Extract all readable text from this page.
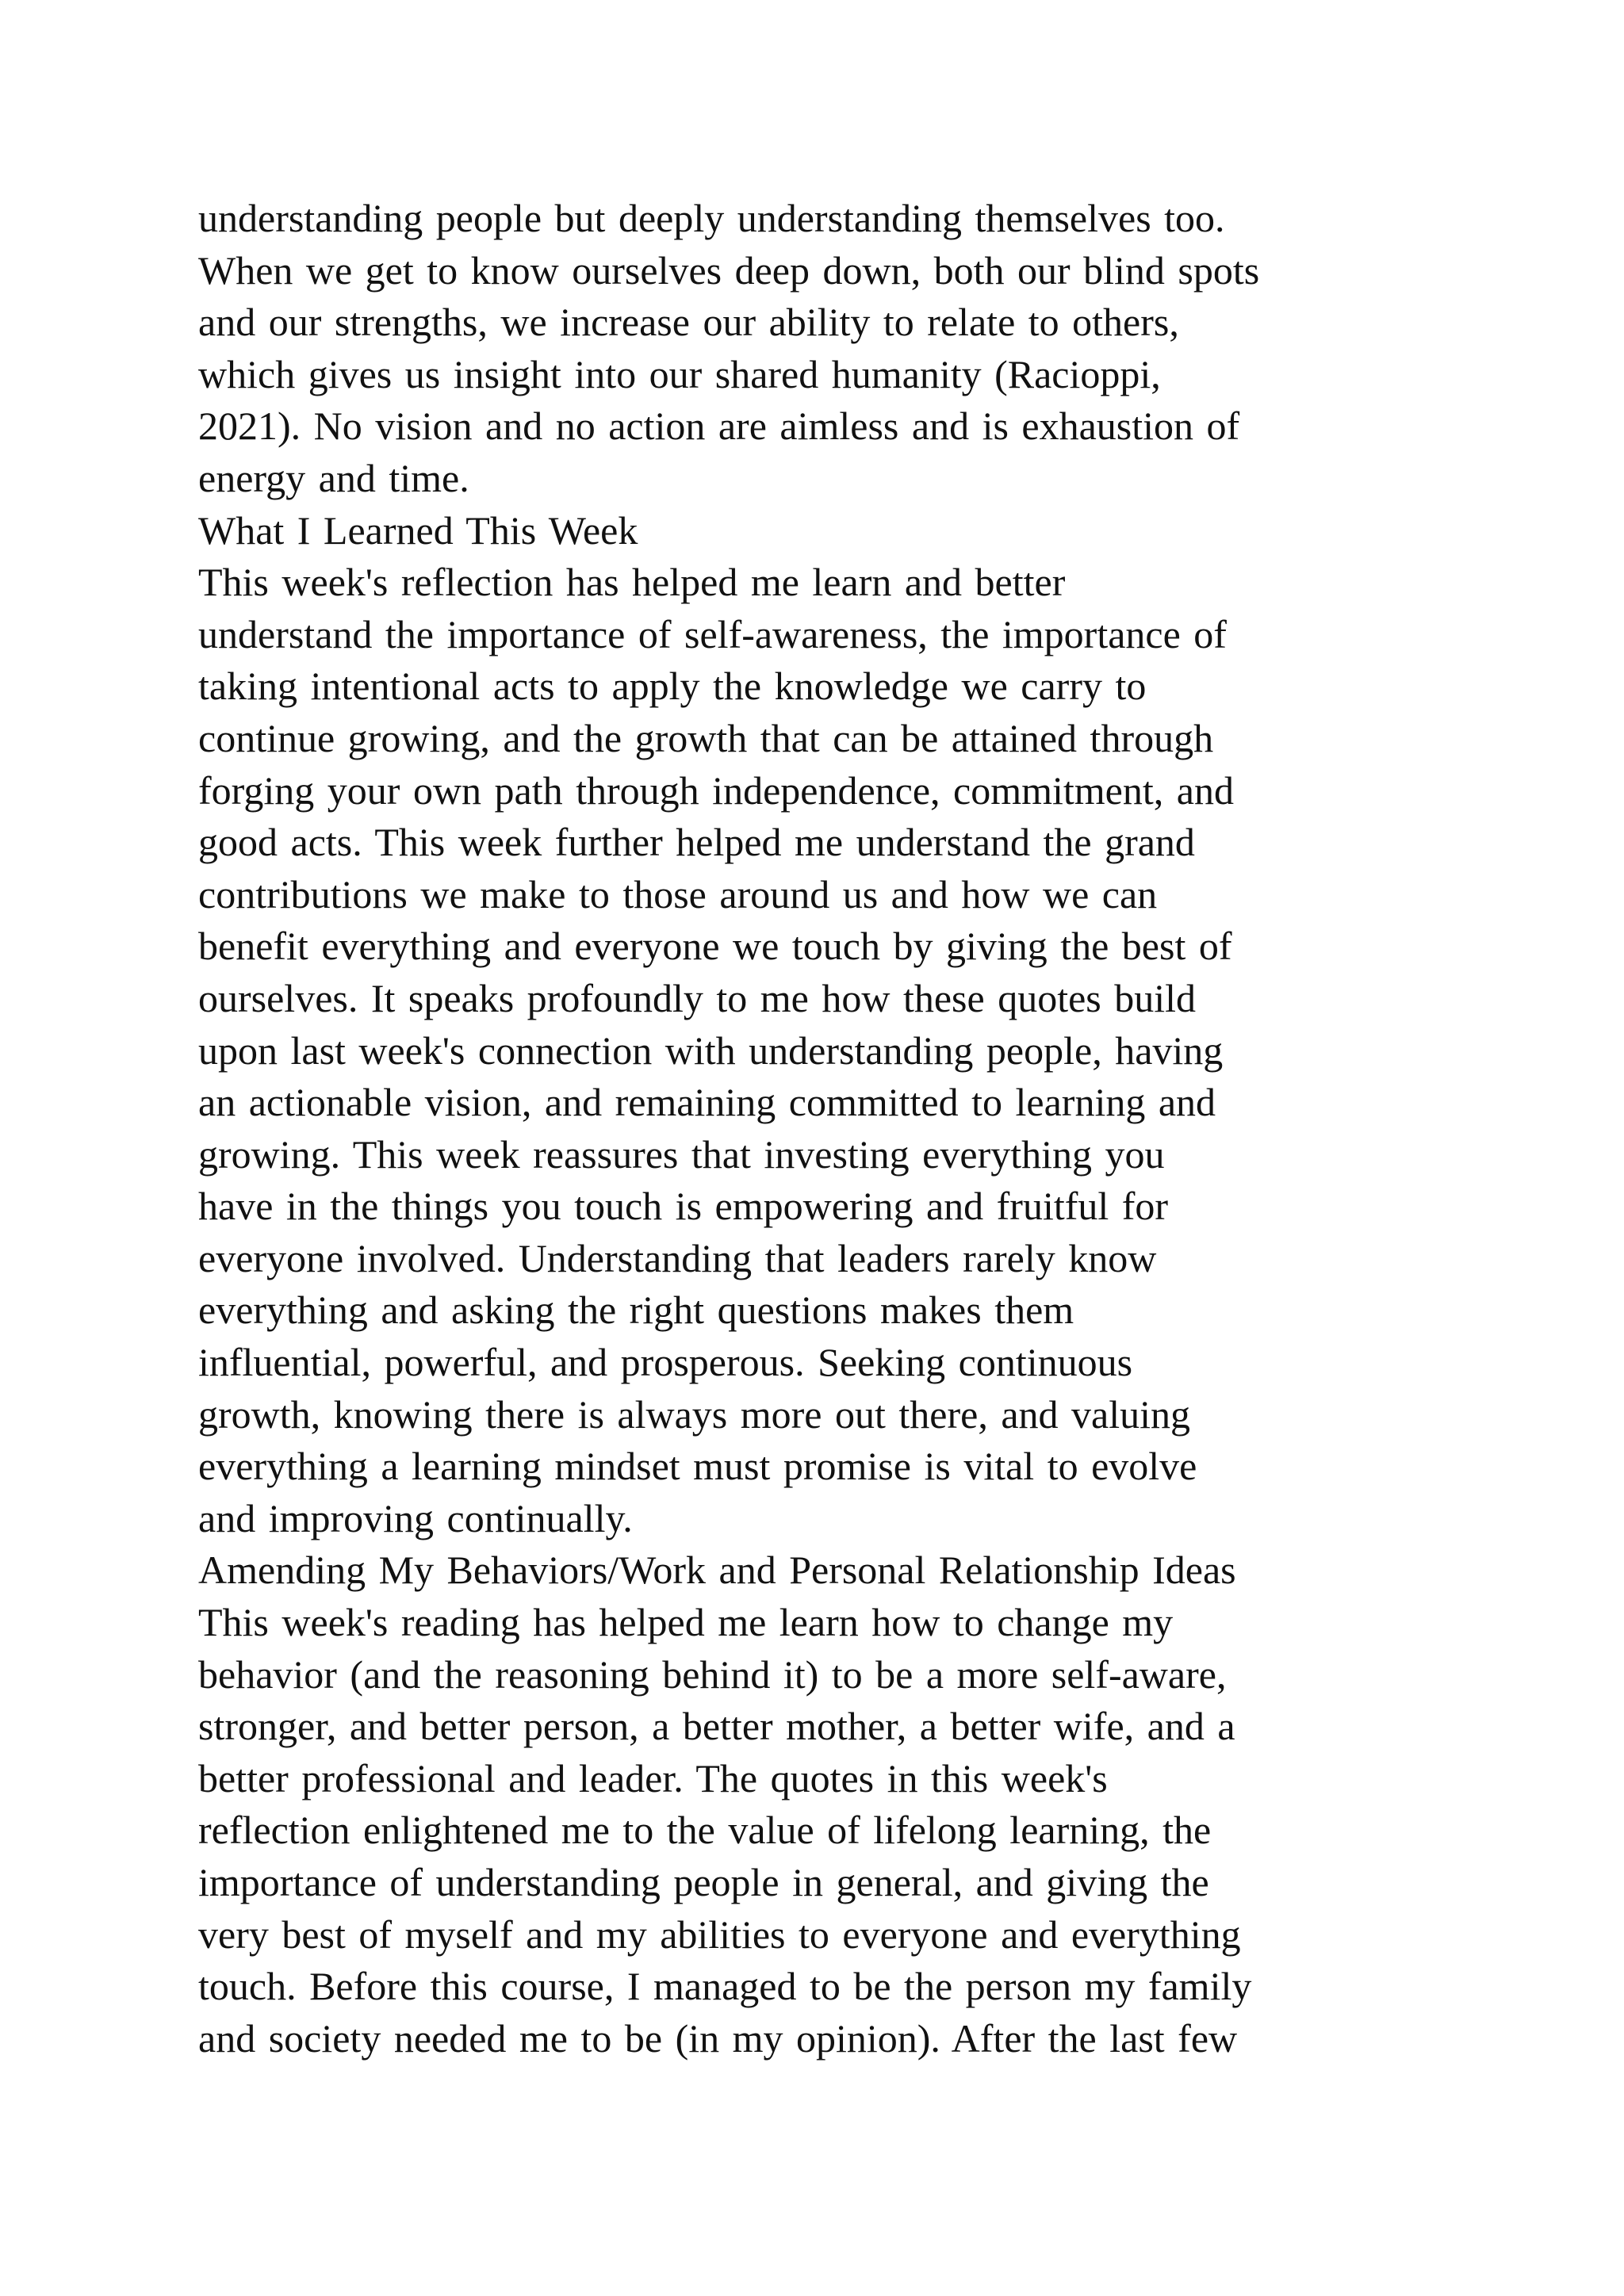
understanding people but deeply understanding themselves too.

When we get to know ourselves deep down, both our blind spots

and our strengths, we increase our ability to relate to others,

which gives us insight into our shared humanity (Racioppi,

2021). No vision and no action are aimless and is exhaustion of

energy and time.

What I Learned This Week

This week's reflection has helped me learn and better

understand the importance of self-awareness, the importance of

taking intentional acts to apply the knowledge we carry to

continue growing, and the growth that can be attained through

forging your own path through independence, commitment, and

good acts. This week further helped me understand the grand

contributions we make to those around us and how we can

benefit everything and everyone we touch by giving the best of

ourselves. It speaks profoundly to me how these quotes build

upon last week's connection with understanding people, having

an actionable vision, and remaining committed to learning and

growing. This week reassures that investing everything you

have in the things you touch is empowering and fruitful for

everyone involved. Understanding that leaders rarely know

everything and asking the right questions makes them

influential, powerful, and prosperous. Seeking continuous

growth, knowing there is always more out there, and valuing

everything a learning mindset must promise is vital to evolve

and improving continually.

Amending My Behaviors/Work and Personal Relationship Ideas

This week's reading has helped me learn how to change my

behavior (and the reasoning behind it) to be a more self-aware,

stronger, and better person, a better mother, a better wife, and a

better professional and leader. The quotes in this week's

reflection enlightened me to the value of lifelong learning, the

importance of understanding people in general, and giving the

very best of myself and my abilities to everyone and everything

touch. Before this course, I managed to be the person my family

and society needed me to be (in my opinion). After the last few
